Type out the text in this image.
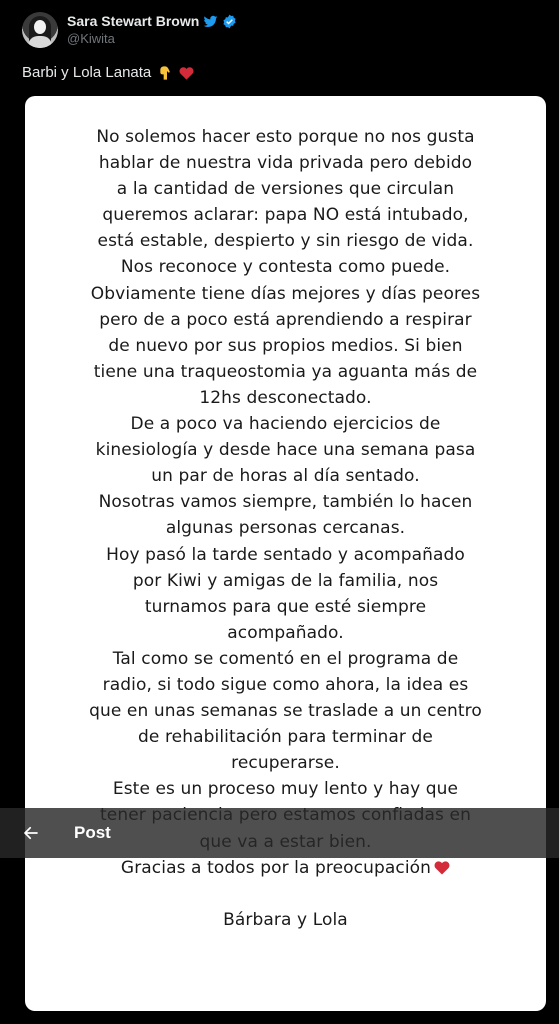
Sara Stewart Brown
@Kiwita
Barbi y Lola Lanata
No solemos hacer esto porque no nos gusta
hablar de nuestra vida privada pero debido
a la cantidad de versiones que circulan
queremos aclarar: papa NO está intubado,
está estable, despierto y sin riesgo de vida.
Nos reconoce y contesta como puede.
Obviamente tiene días mejores y días peores
pero de a poco está aprendiendo a respirar
de nuevo por sus propios medios. Si bien
tiene una traqueostomia ya aguanta más de
12hs desconectado.
De a poco va haciendo ejercicios de
kinesiología y desde hace una semana pasa
un par de horas al día sentado.
Nosotras vamos siempre, también lo hacen
algunas personas cercanas.
Hoy pasó la tarde sentado y acompañado
por Kiwi y amigas de la familia, nos
turnamos para que esté siempre
acompañado.
Tal como se comentó en el programa de
radio, si todo sigue como ahora, la idea es
que en unas semanas se traslade a un centro
de rehabilitación para terminar de
recuperarse.
Este es un proceso muy lento y hay que
Gracias a todos por la preocupación
Bárbara y Lola
Post
